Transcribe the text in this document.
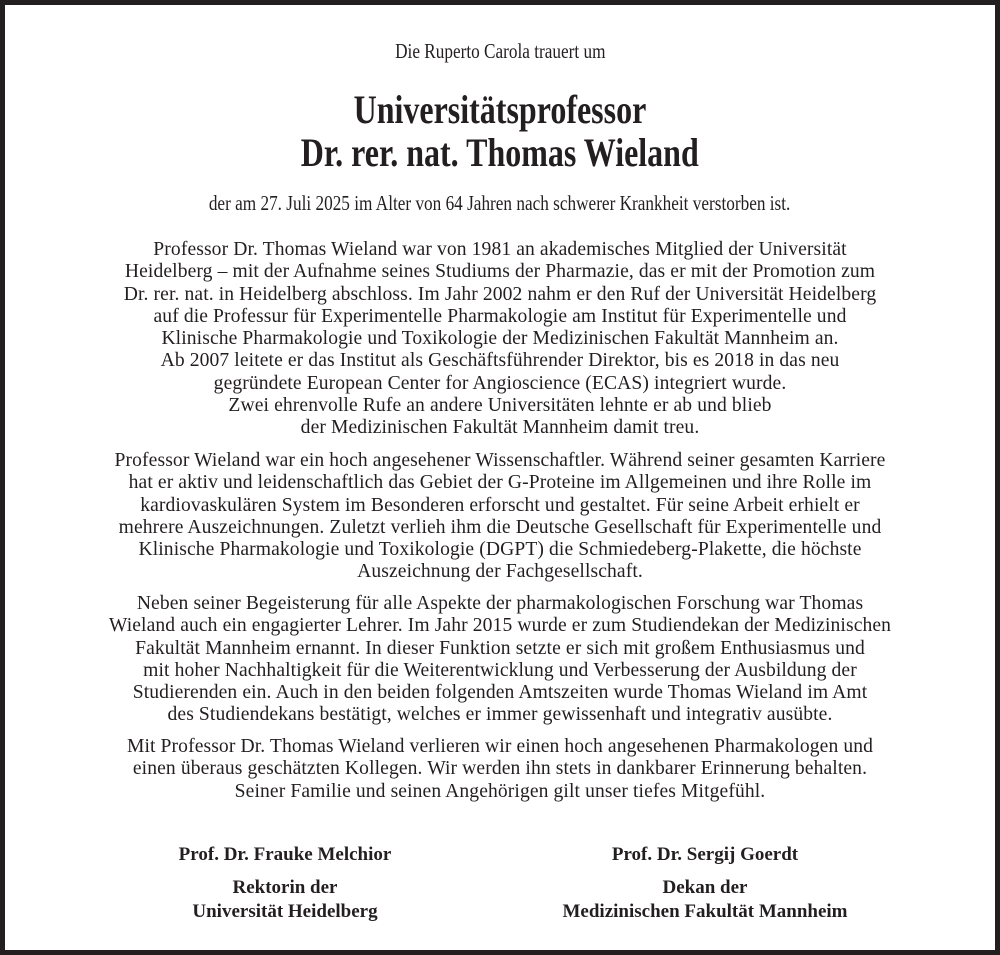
Die Ruperto Carola trauert um
Universitätsprofessor
Dr. rer. nat. Thomas Wieland
der am 27. Juli 2025 im Alter von 64 Jahren nach schwerer Krankheit verstorben ist.
Professor Dr. Thomas Wieland war von 1981 an akademisches Mitglied der Universität
Heidelberg – mit der Aufnahme seines Studiums der Pharmazie, das er mit der Promotion zum
Dr. rer. nat. in Heidelberg abschloss. Im Jahr 2002 nahm er den Ruf der Universität Heidelberg
auf die Professur für Experimentelle Pharmakologie am Institut für Experimentelle und
Klinische Pharmakologie und Toxikologie der Medizinischen Fakultät Mannheim an.
Ab 2007 leitete er das Institut als Geschäftsführender Direktor, bis es 2018 in das neu
gegründete European Center for Angioscience (ECAS) integriert wurde.
Zwei ehrenvolle Rufe an andere Universitäten lehnte er ab und blieb
der Medizinischen Fakultät Mannheim damit treu.
Professor Wieland war ein hoch angesehener Wissenschaftler. Während seiner gesamten Karriere
hat er aktiv und leidenschaftlich das Gebiet der G-Proteine im Allgemeinen und ihre Rolle im
kardiovaskulären System im Besonderen erforscht und gestaltet. Für seine Arbeit erhielt er
mehrere Auszeichnungen. Zuletzt verlieh ihm die Deutsche Gesellschaft für Experimentelle und
Klinische Pharmakologie und Toxikologie (DGPT) die Schmiedeberg-Plakette, die höchste
Auszeichnung der Fachgesellschaft.
Neben seiner Begeisterung für alle Aspekte der pharmakologischen Forschung war Thomas
Wieland auch ein engagierter Lehrer. Im Jahr 2015 wurde er zum Studiendekan der Medizinischen
Fakultät Mannheim ernannt. In dieser Funktion setzte er sich mit großem Enthusiasmus und
mit hoher Nachhaltigkeit für die Weiterentwicklung und Verbesserung der Ausbildung der
Studierenden ein. Auch in den beiden folgenden Amtszeiten wurde Thomas Wieland im Amt
des Studiendekans bestätigt, welches er immer gewissenhaft und integrativ ausübte.
Mit Professor Dr. Thomas Wieland verlieren wir einen hoch angesehenen Pharmakologen und
einen überaus geschätzten Kollegen. Wir werden ihn stets in dankbarer Erinnerung behalten.
Seiner Familie und seinen Angehörigen gilt unser tiefes Mitgefühl.
Prof. Dr. Frauke Melchior
Rektorin der
Universität Heidelberg
Prof. Dr. Sergij Goerdt
Dekan der
Medizinischen Fakultät Mannheim
